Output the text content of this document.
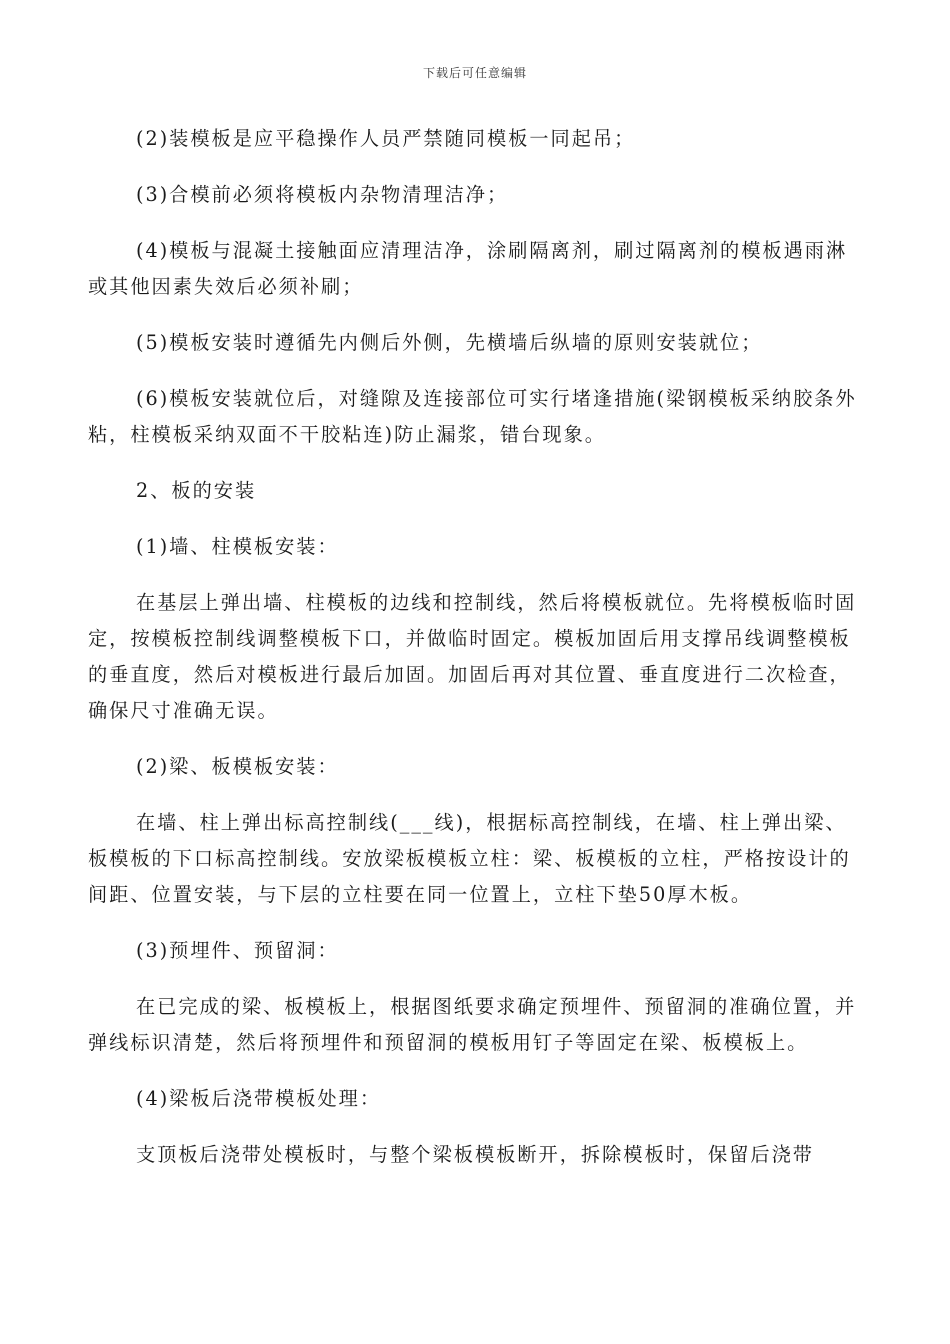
下载后可任意编辑

(2)装模板是应平稳操作人员严禁随同模板一同起吊；

(3)合模前必须将模板内杂物清理洁净；

(4)模板与混凝土接触面应清理洁净，涂刷隔离剂，刷过隔离剂的模板遇雨淋或其他因素失效后必须补刷；

(5)模板安装时遵循先内侧后外侧，先横墙后纵墙的原则安装就位；

(6)模板安装就位后，对缝隙及连接部位可实行堵逢措施(梁钢模板采纳胶条外粘，柱模板采纳双面不干胶粘连)防止漏浆，错台现象。

2、板的安装

(1)墙、柱模板安装：

在基层上弹出墙、柱模板的边线和控制线，然后将模板就位。先将模板临时固定，按模板控制线调整模板下口，并做临时固定。模板加固后用支撑吊线调整模板的垂直度，然后对模板进行最后加固。加固后再对其位置、垂直度进行二次检查，确保尺寸准确无误。

(2)梁、板模板安装：

在墙、柱上弹出标高控制线(___线)，根据标高控制线，在墙、柱上弹出梁、板模板的下口标高控制线。安放梁板模板立柱：梁、板模板的立柱，严格按设计的间距、位置安装，与下层的立柱要在同一位置上，立柱下垫50厚木板。

(3)预埋件、预留洞：

在已完成的梁、板模板上，根据图纸要求确定预埋件、预留洞的准确位置，并弹线标识清楚，然后将预埋件和预留洞的模板用钉子等固定在梁、板模板上。

(4)梁板后浇带模板处理：

支顶板后浇带处模板时，与整个梁板模板断开，拆除模板时，保留后浇带
